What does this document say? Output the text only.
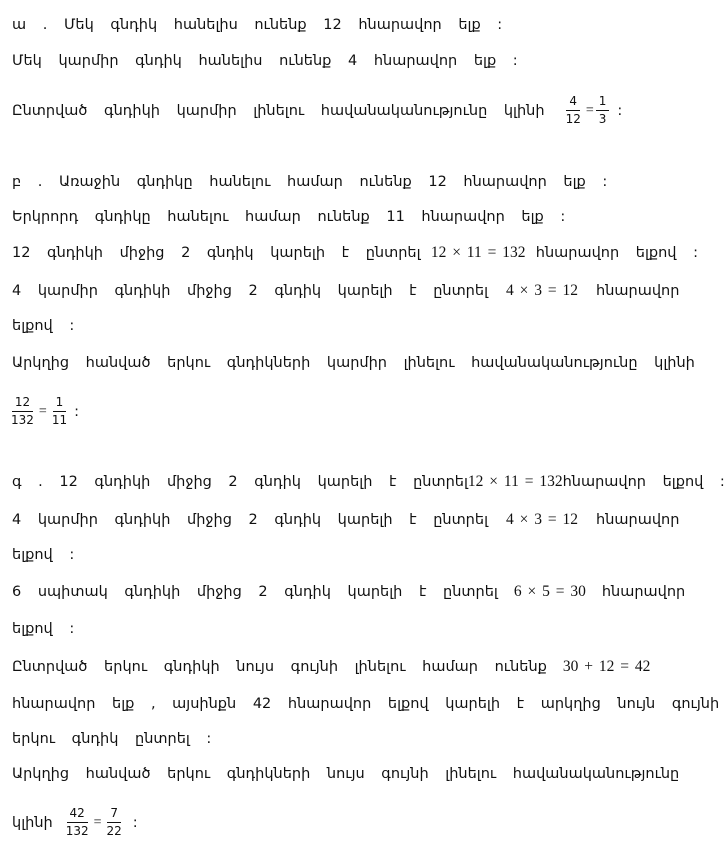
ա . Մեկ գնդիկ հանելիս ունենք 12 հնարավոր ելք :
Մեկ կարմիր գնդիկ հանելիս ունենք 4 հնարավոր ելք :
Ընտրված գնդիկի կարմիր լինելու հավանականությունը կլինի $\frac{4}{12} = \frac{1}{3}$ :
բ . Առաջին գնդիկը հանելու համար ունենք 12 հնարավոր ելք :
Երկրորդ գնդիկը հանելու համար ունենք 11 հնարավոր ելք :
12 գնդիկի միջից 2 գնդիկ կարելի է ընտրել 12 × 11 = 132 հնարավոր ելքով :
4 կարմիր գնդիկի միջից 2 գնդիկ կարելի է ընտրել 4 × 3 = 12 հնարավոր
ելքով :
Արկղից հանված երկու գնդիկների կարմիր լինելու հավանականությունը կլինի
$\frac{12}{132} = \frac{1}{11}$ :
գ . 12 գնդիկի միջից 2 գնդիկ կարելի է ընտրել 12 × 11 = 132 հնարավոր ելքով :
4 կարմիր գնդիկի միջից 2 գնդիկ կարելի է ընտրել 4 × 3 = 12 հնարավոր
ելքով :
6 սպիտակ գնդիկի միջից 2 գնդիկ կարելի է ընտրել 6 × 5 = 30 հնարավոր
ելքով :
Ընտրված երկու գնդիկի նույս գույնի լինելու համար ունենք 30 + 12 = 42
հնարավոր ելք , այսինքն 42 հնարավոր ելքով կարելի է արկղից նույն գույնի
երկու գնդիկ ընտրել :
Արկղից հանված երկու գնդիկների նույս գույնի լինելու հավանականությունը
կլինի $\frac{42}{132} = \frac{7}{22}$ :
